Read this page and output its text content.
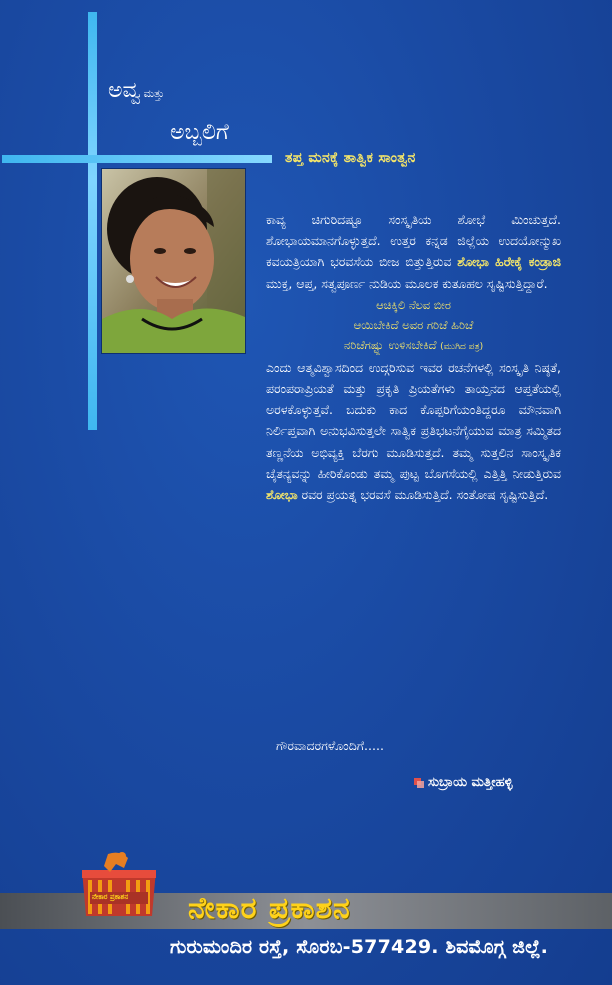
ಅವ್ವ ಮತ್ತು
ಅಬ್ಬಲಿಗೆ
ತಪ್ತ ಮನಕ್ಕೆ ತಾತ್ವಿಕ ಸಾಂತ್ವನ

ಕಾವ್ಯ ಚಿಗುರಿದಷ್ಟೂ ಸಂಸ್ಕೃತಿಯ ಶೋಭೆ ಮಿಂಚುತ್ತದೆ. ಶೋಭಾಯಮಾನಗೊಳ್ಳುತ್ತದೆ. ಉತ್ತರ ಕನ್ನಡ ಜಿಲ್ಲೆಯ ಉದಯೋನ್ಮುಖ ಕವಯತ್ರಿಯಾಗಿ ಭರವಸೆಯ ಬೀಜ ಬಿತ್ತುತ್ತಿರುವ ಶೋಭಾ ಹಿರೇಕೈ ಕಂಡ್ರಾಜಿ ಮುಕ್ತ, ಆಪ್ತ, ಸತ್ವಪೂರ್ಣ ನುಡಿಯ ಮೂಲಕ ಕುತೂಹಲ ಸೃಷ್ಟಿಸುತ್ತಿದ್ದಾರೆ.

ಆಚಿಕ್ಕಿಲಿ ನೆಲವ ಬೀರ
ಆಯಿಬೇಕಿದೆ ಅವರ ಗರಿಚೆ ಹಿರಿಚೆ
ನರಿಚೆಗಷ್ಟ್ಲು ಉಳಿಸಬೇಕಿದೆ (ಮುಗಿದ ಪತ್ರ)

ಎಂದು ಆತ್ಮವಿಶ್ವಾಸದಿಂದ ಉದ್ಗರಿಸುವ ಇವರ ರಚನೆಗಳಲ್ಲಿ ಸಂಸ್ಕೃತಿ ನಿಷ್ಠತೆ, ಪರಂಪರಾಪ್ರಿಯತೆ ಮತ್ತು ಪ್ರಕೃತಿ ಪ್ರಿಯತೆಗಳು ತಾಯ್ತನದ ಆಪ್ತತೆಯಲ್ಲಿ ಅರಳಕೊಳ್ಳುತ್ತವೆ. ಬದುಕು ಕಾದ ಕೊಪ್ಪರಿಗೆಯಂತಿದ್ದರೂ ಮೌನವಾಗಿ ನಿರ್ಲಿಪ್ತವಾಗಿ ಅನುಭವಿಸುತ್ತಲೇ ಸಾತ್ವಿಕ ಪ್ರತಿಭಟನೆಗೈಯುವ ಮಾತ್ರ ಸಮ್ಮಿತದ ತಣ್ಣನೆಯ ಅಭಿವ್ಯಕ್ತಿ ಬೆರಗು ಮೂಡಿಸುತ್ತದೆ. ತಮ್ಮ ಸುತ್ತಲಿನ ಸಾಂಸ್ಕೃತಿಕ ಚೈತನ್ಯವನ್ನು ಹೀರಿಕೊಂಡು ತಮ್ಮ ಪುಟ್ಟ ಬೊಗಸೆಯಲ್ಲಿ ಎತ್ತಿತ್ತಿ ನೀಡುತ್ತಿರುವ ಶೋಭಾ ರವರ ಪ್ರಯತ್ನ ಭರವಸೆ ಮೂಡಿಸುತ್ತಿದೆ. ಸಂತೋಷ ಸೃಷ್ಟಿಸುತ್ತಿದೆ.

ಗೌರವಾದರಗಳೊಂದಿಗೆ.....
ಸುಬ್ರಾಯ ಮತ್ತೀಹಳ್ಳಿ
ನೇಕಾರ ಪ್ರಕಾಶನ ನೇಕಾರ ಪ್ರಕಾಶನ
ಗುರುಮಂದಿರ ರಸ್ತೆ, ಸೊರಬ-577429. ಶಿವಮೊಗ್ಗ ಜಿಲ್ಲೆ.
